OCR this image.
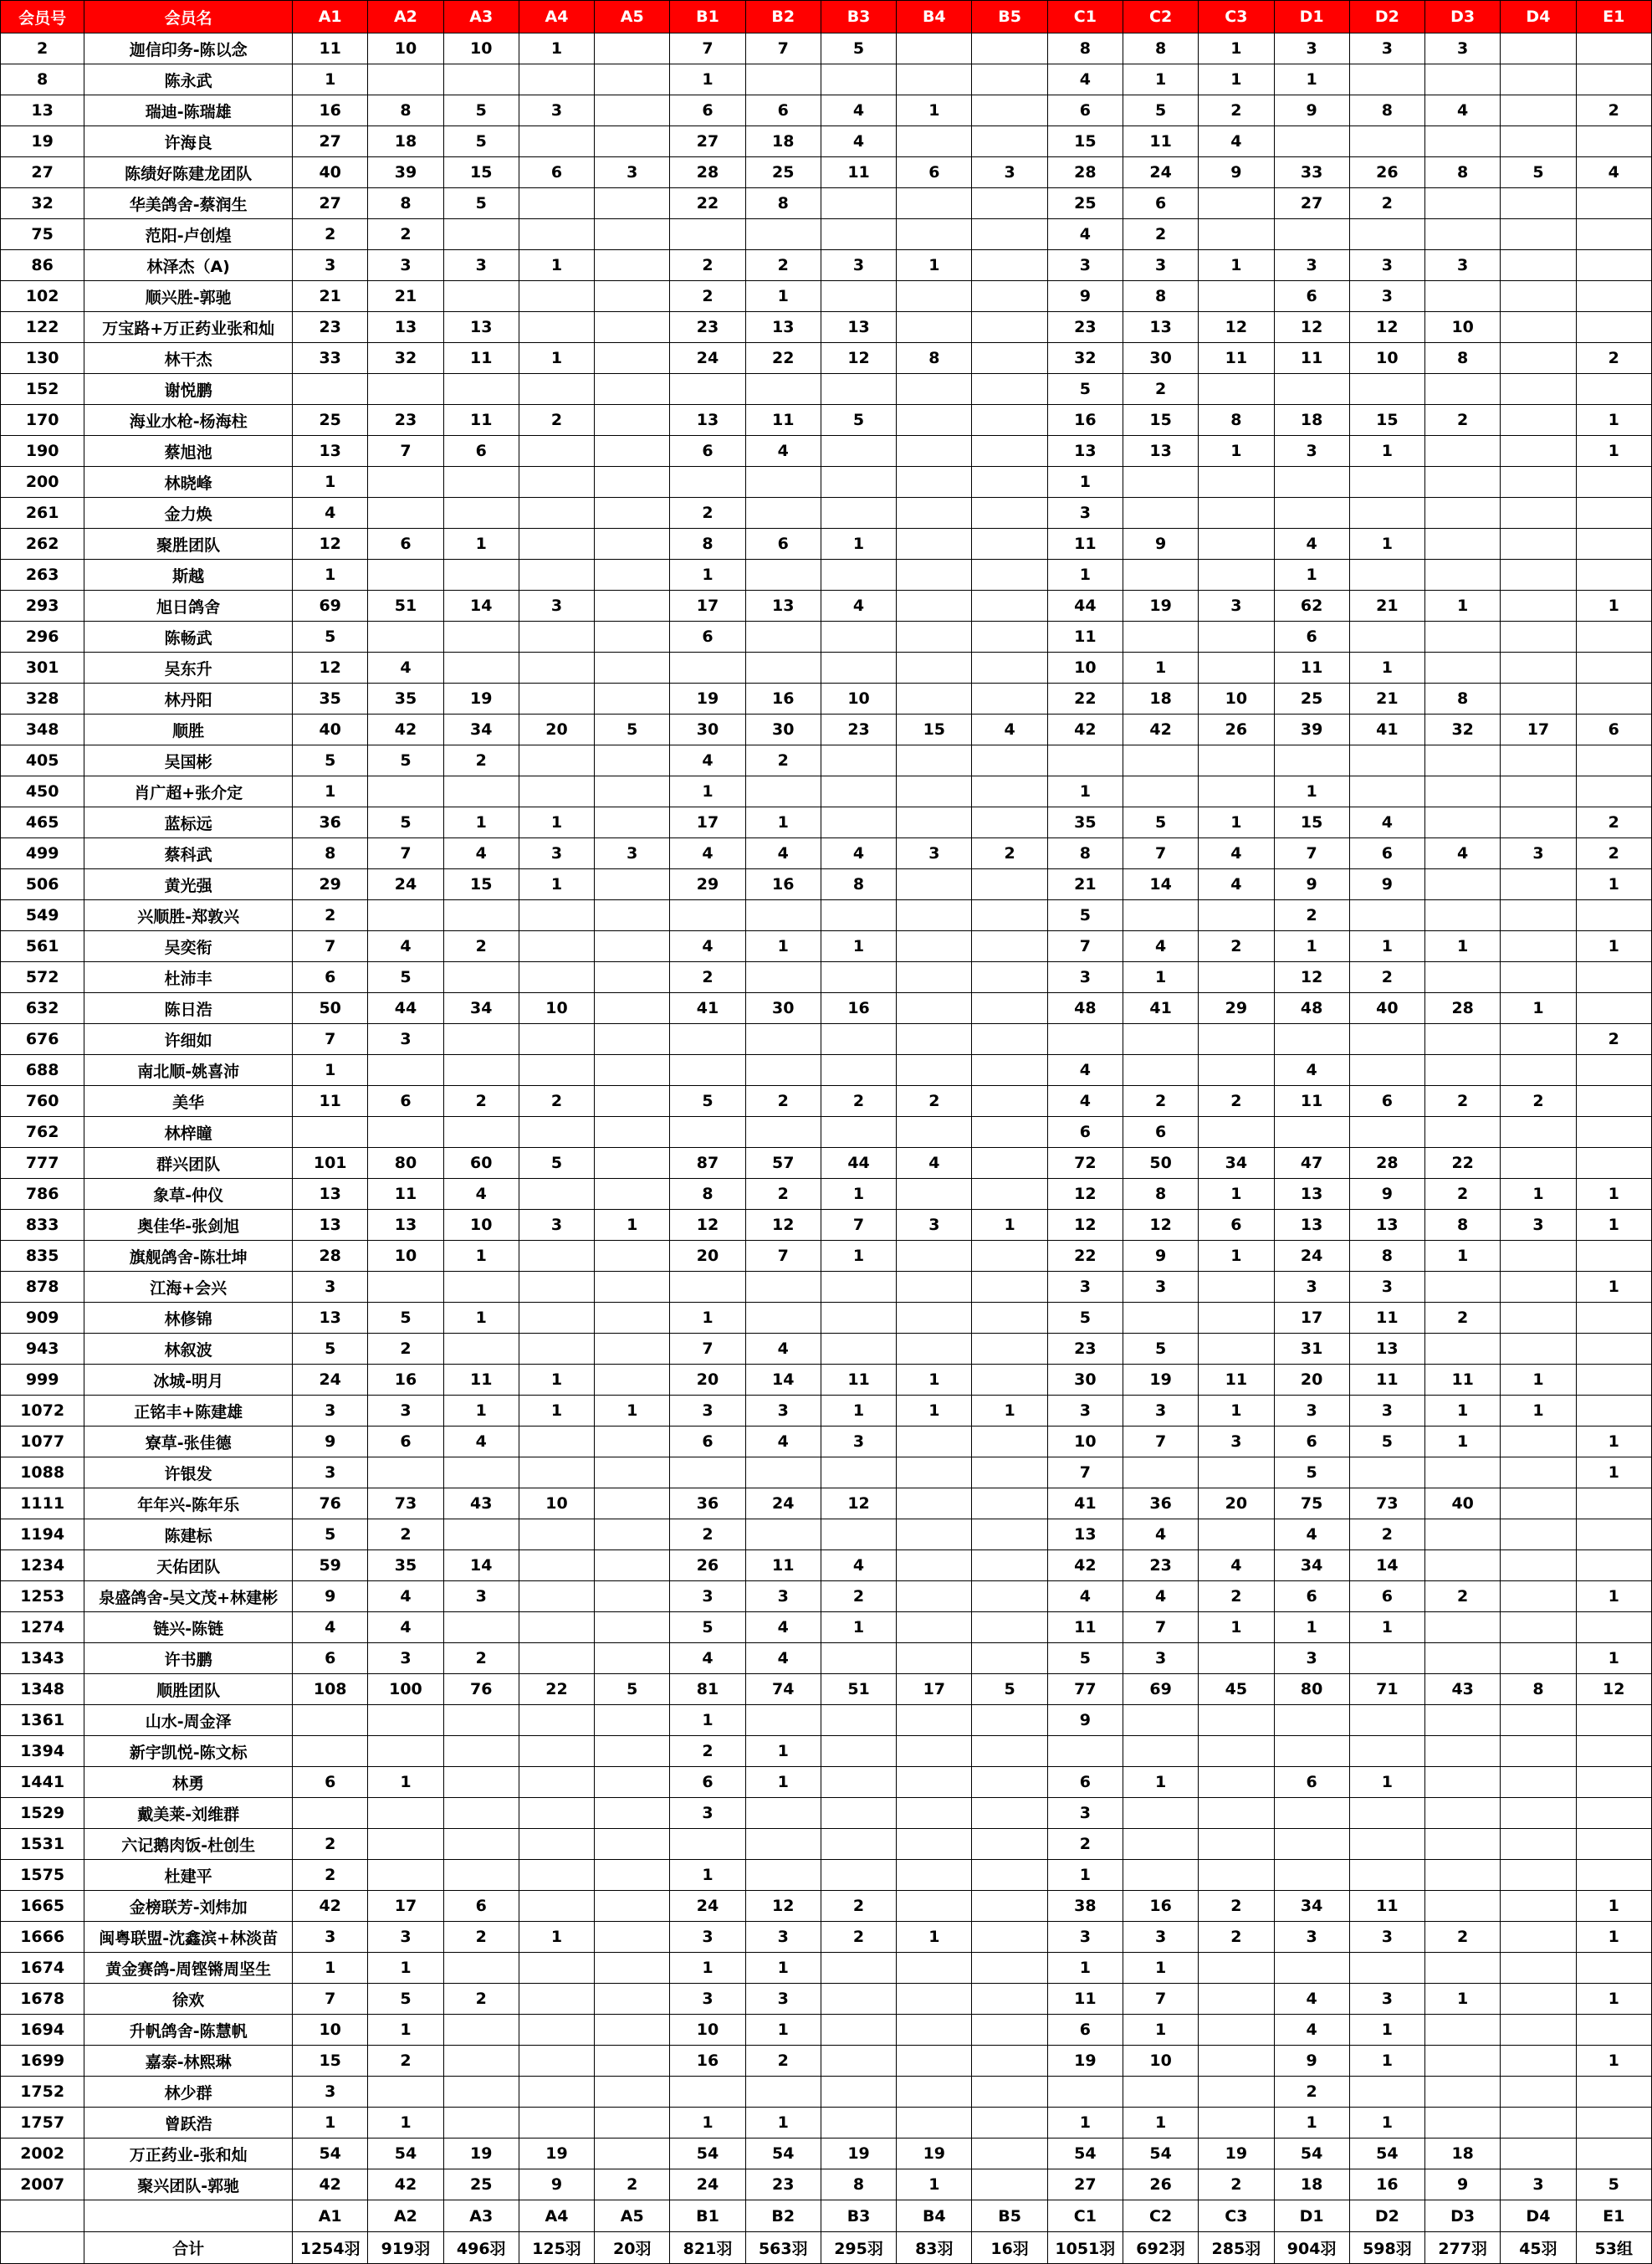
会员号	会员名	A1	A2	A3	A4	A5	B1	B2	B3	B4	B5	C1	C2	C3	D1	D2	D3	D4	E1
2	迦信印务-陈以念	11	10	10	1		7	7	5			8	8	1	3	3	3		
8	陈永武	1					1					4	1	1	1				
13	瑞迪-陈瑞雄	16	8	5	3		6	6	4	1		6	5	2	9	8	4		2
19	许海良	27	18	5			27	18	4			15	11	4					
27	陈绩好陈建龙团队	40	39	15	6	3	28	25	11	6	3	28	24	9	33	26	8	5	4
32	华美鸽舍-蔡润生	27	8	5			22	8				25	6		27	2			
75	范阳-卢创煌	2	2									4	2						
86	林泽杰（A)	3	3	3	1		2	2	3	1		3	3	1	3	3	3		
102	顺兴胜-郭驰	21	21				2	1				9	8		6	3			
122	万宝路+万正药业张和灿	23	13	13			23	13	13			23	13	12	12	12	10		
130	林干杰	33	32	11	1		24	22	12	8		32	30	11	11	10	8		2
152	谢悦鹏											5	2						
170	海业水枪-杨海柱	25	23	11	2		13	11	5			16	15	8	18	15	2		1
190	蔡旭池	13	7	6			6	4				13	13	1	3	1			1
200	林晓峰	1										1							
261	金力焕	4					2					3							
262	聚胜团队	12	6	1			8	6	1			11	9		4	1			
263	斯越	1					1					1			1				
293	旭日鸽舍	69	51	14	3		17	13	4			44	19	3	62	21	1		1
296	陈畅武	5					6					11			6				
301	吴东升	12	4									10	1		11	1			
328	林丹阳	35	35	19			19	16	10			22	18	10	25	21	8		
348	顺胜	40	42	34	20	5	30	30	23	15	4	42	42	26	39	41	32	17	6
405	吴国彬	5	5	2			4	2											
450	肖广超+张介定	1					1					1			1				
465	蓝标远	36	5	1	1		17	1				35	5	1	15	4			2
499	蔡科武	8	7	4	3	3	4	4	4	3	2	8	7	4	7	6	4	3	2
506	黄光强	29	24	15	1		29	16	8			21	14	4	9	9			1
549	兴顺胜-郑敦兴	2										5			2				
561	吴奕衔	7	4	2			4	1	1			7	4	2	1	1	1		1
572	杜沛丰	6	5				2					3	1		12	2			
632	陈日浩	50	44	34	10		41	30	16			48	41	29	48	40	28	1	
676	许细如	7	3																2
688	南北顺-姚喜沛	1										4			4				
760	美华	11	6	2	2		5	2	2	2		4	2	2	11	6	2	2	
762	林梓瞳											6	6						
777	群兴团队	101	80	60	5		87	57	44	4		72	50	34	47	28	22		
786	象草-仲仪	13	11	4			8	2	1			12	8	1	13	9	2	1	1
833	奥佳华-张剑旭	13	13	10	3	1	12	12	7	3	1	12	12	6	13	13	8	3	1
835	旗舰鸽舍-陈壮坤	28	10	1			20	7	1			22	9	1	24	8	1		
878	江海+会兴	3										3	3		3	3			1
909	林修锦	13	5	1			1					5			17	11	2		
943	林叙波	5	2				7	4				23	5		31	13			
999	冰城-明月	24	16	11	1		20	14	11	1		30	19	11	20	11	11	1	
1072	正铭丰+陈建雄	3	3	1	1	1	3	3	1	1	1	3	3	1	3	3	1	1	
1077	寮草-张佳德	9	6	4			6	4	3			10	7	3	6	5	1		1
1088	许银发	3										7			5				1
1111	年年兴-陈年乐	76	73	43	10		36	24	12			41	36	20	75	73	40		
1194	陈建标	5	2				2					13	4		4	2			
1234	天佑团队	59	35	14			26	11	4			42	23	4	34	14			
1253	泉盛鸽舍-吴文茂+林建彬	9	4	3			3	3	2			4	4	2	6	6	2		1
1274	链兴-陈链	4	4				5	4	1			11	7	1	1	1			
1343	许书鹏	6	3	2			4	4				5	3		3				1
1348	顺胜团队	108	100	76	22	5	81	74	51	17	5	77	69	45	80	71	43	8	12
1361	山水-周金泽						1					9							
1394	新宇凯悦-陈文标						2	1											
1441	林勇	6	1				6	1				6	1		6	1			
1529	戴美莱-刘维群						3					3							
1531	六记鹅肉饭-杜创生	2										2							
1575	杜建平	2					1					1							
1665	金榜联芳-刘炜加	42	17	6			24	12	2			38	16	2	34	11			1
1666	闽粤联盟-沈鑫滨+林淡苗	3	3	2	1		3	3	2	1		3	3	2	3	3	2		1
1674	黄金赛鸽-周铿锵周坚生	1	1				1	1				1	1						
1678	徐欢	7	5	2			3	3				11	7		4	3	1		1
1694	升帆鸽舍-陈慧帆	10	1				10	1				6	1		4	1			
1699	嘉泰-林熙琳	15	2				16	2				19	10		9	1			1
1752	林少群	3													2				
1757	曾跃浩	1	1				1	1				1	1		1	1			
2002	万正药业-张和灿	54	54	19	19		54	54	19	19		54	54	19	54	54	18		
2007	聚兴团队-郭驰	42	42	25	9	2	24	23	8	1		27	26	2	18	16	9	3	5
		A1	A2	A3	A4	A5	B1	B2	B3	B4	B5	C1	C2	C3	D1	D2	D3	D4	E1
	合计	1254羽	919羽	496羽	125羽	20羽	821羽	563羽	295羽	83羽	16羽	1051羽	692羽	285羽	904羽	598羽	277羽	45羽	53组
